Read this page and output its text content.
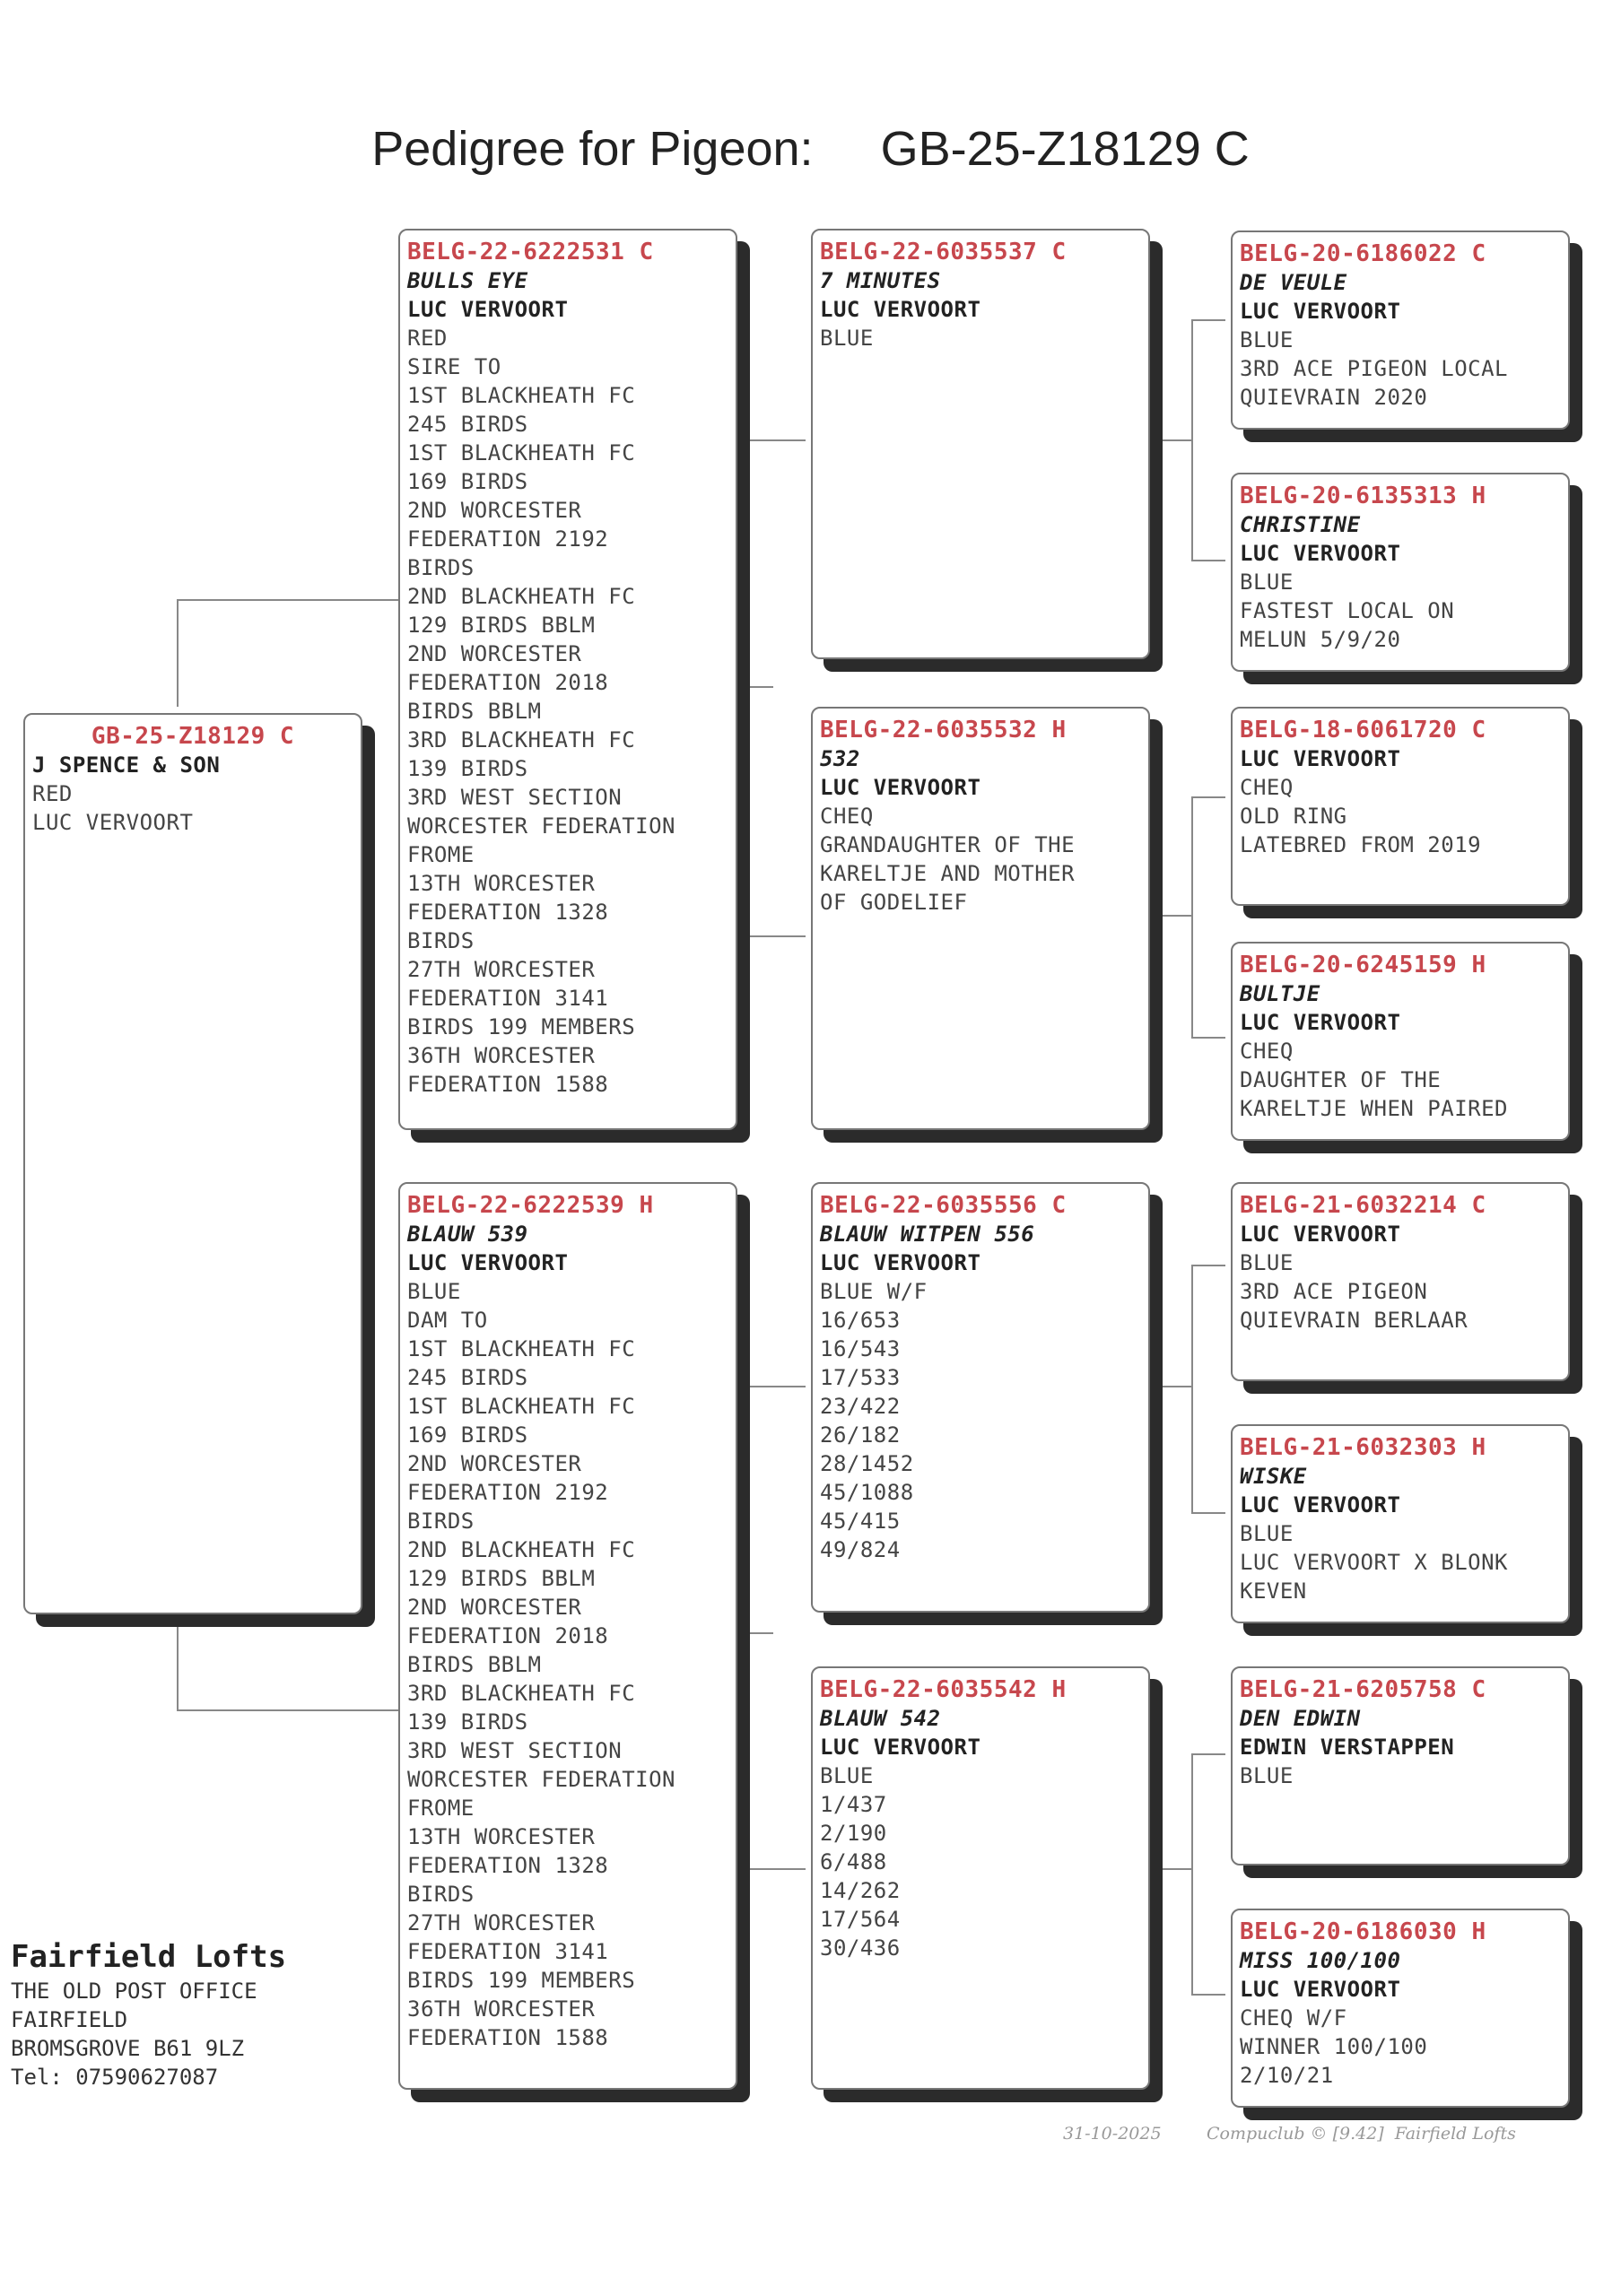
Pedigree for Pigeon: GB-25-Z18129 C
GB-25-Z18129 C
J SPENCE & SON
RED
LUC VERVOORT
BELG-22-6222531 C
BULLS EYE
LUC VERVOORT
RED
SIRE TO
1ST BLACKHEATH FC
245 BIRDS
1ST BLACKHEATH FC
169 BIRDS
2ND WORCESTER
FEDERATION 2192
BIRDS
2ND BLACKHEATH FC
129 BIRDS BBLM
2ND WORCESTER
FEDERATION 2018
BIRDS BBLM
3RD BLACKHEATH FC
139 BIRDS
3RD WEST SECTION
WORCESTER FEDERATION
FROME
13TH WORCESTER
FEDERATION 1328
BIRDS
27TH WORCESTER
FEDERATION 3141
BIRDS 199 MEMBERS
36TH WORCESTER
FEDERATION 1588
BELG-22-6222539 H
BLAUW 539
LUC VERVOORT
BLUE
DAM TO
1ST BLACKHEATH FC
245 BIRDS
1ST BLACKHEATH FC
169 BIRDS
2ND WORCESTER
FEDERATION 2192
BIRDS
2ND BLACKHEATH FC
129 BIRDS BBLM
2ND WORCESTER
FEDERATION 2018
BIRDS BBLM
3RD BLACKHEATH FC
139 BIRDS
3RD WEST SECTION
WORCESTER FEDERATION
FROME
13TH WORCESTER
FEDERATION 1328
BIRDS
27TH WORCESTER
FEDERATION 3141
BIRDS 199 MEMBERS
36TH WORCESTER
FEDERATION 1588
BELG-22-6035537 C
7 MINUTES
LUC VERVOORT
BLUE
BELG-22-6035532 H
532
LUC VERVOORT
CHEQ
GRANDAUGHTER OF THE
KARELTJE AND MOTHER
OF GODELIEF
BELG-22-6035556 C
BLAUW WITPEN 556
LUC VERVOORT
BLUE W/F
16/653
16/543
17/533
23/422
26/182
28/1452
45/1088
45/415
49/824
BELG-22-6035542 H
BLAUW 542
LUC VERVOORT
BLUE
1/437
2/190
6/488
14/262
17/564
30/436
BELG-20-6186022 C
DE VEULE
LUC VERVOORT
BLUE
3RD ACE PIGEON LOCAL
QUIEVRAIN 2020
BELG-20-6135313 H
CHRISTINE
LUC VERVOORT
BLUE
FASTEST LOCAL ON
MELUN 5/9/20
BELG-18-6061720 C
LUC VERVOORT
CHEQ
OLD RING
LATEBRED FROM 2019
BELG-20-6245159 H
BULTJE
LUC VERVOORT
CHEQ
DAUGHTER OF THE
KARELTJE WHEN PAIRED
BELG-21-6032214 C
LUC VERVOORT
BLUE
3RD ACE PIGEON
QUIEVRAIN BERLAAR
BELG-21-6032303 H
WISKE
LUC VERVOORT
BLUE
LUC VERVOORT X BLONK
KEVEN
BELG-21-6205758 C
DEN EDWIN
EDWIN VERSTAPPEN
BLUE
BELG-20-6186030 H
MISS 100/100
LUC VERVOORT
CHEQ W/F
WINNER 100/100
2/10/21
Fairfield Lofts
THE OLD POST OFFICE
FAIRFIELD
BROMSGROVE B61 9LZ
Tel: 07590627087
31-10-2025	Compuclub © [9.42]  Fairfield Lofts
